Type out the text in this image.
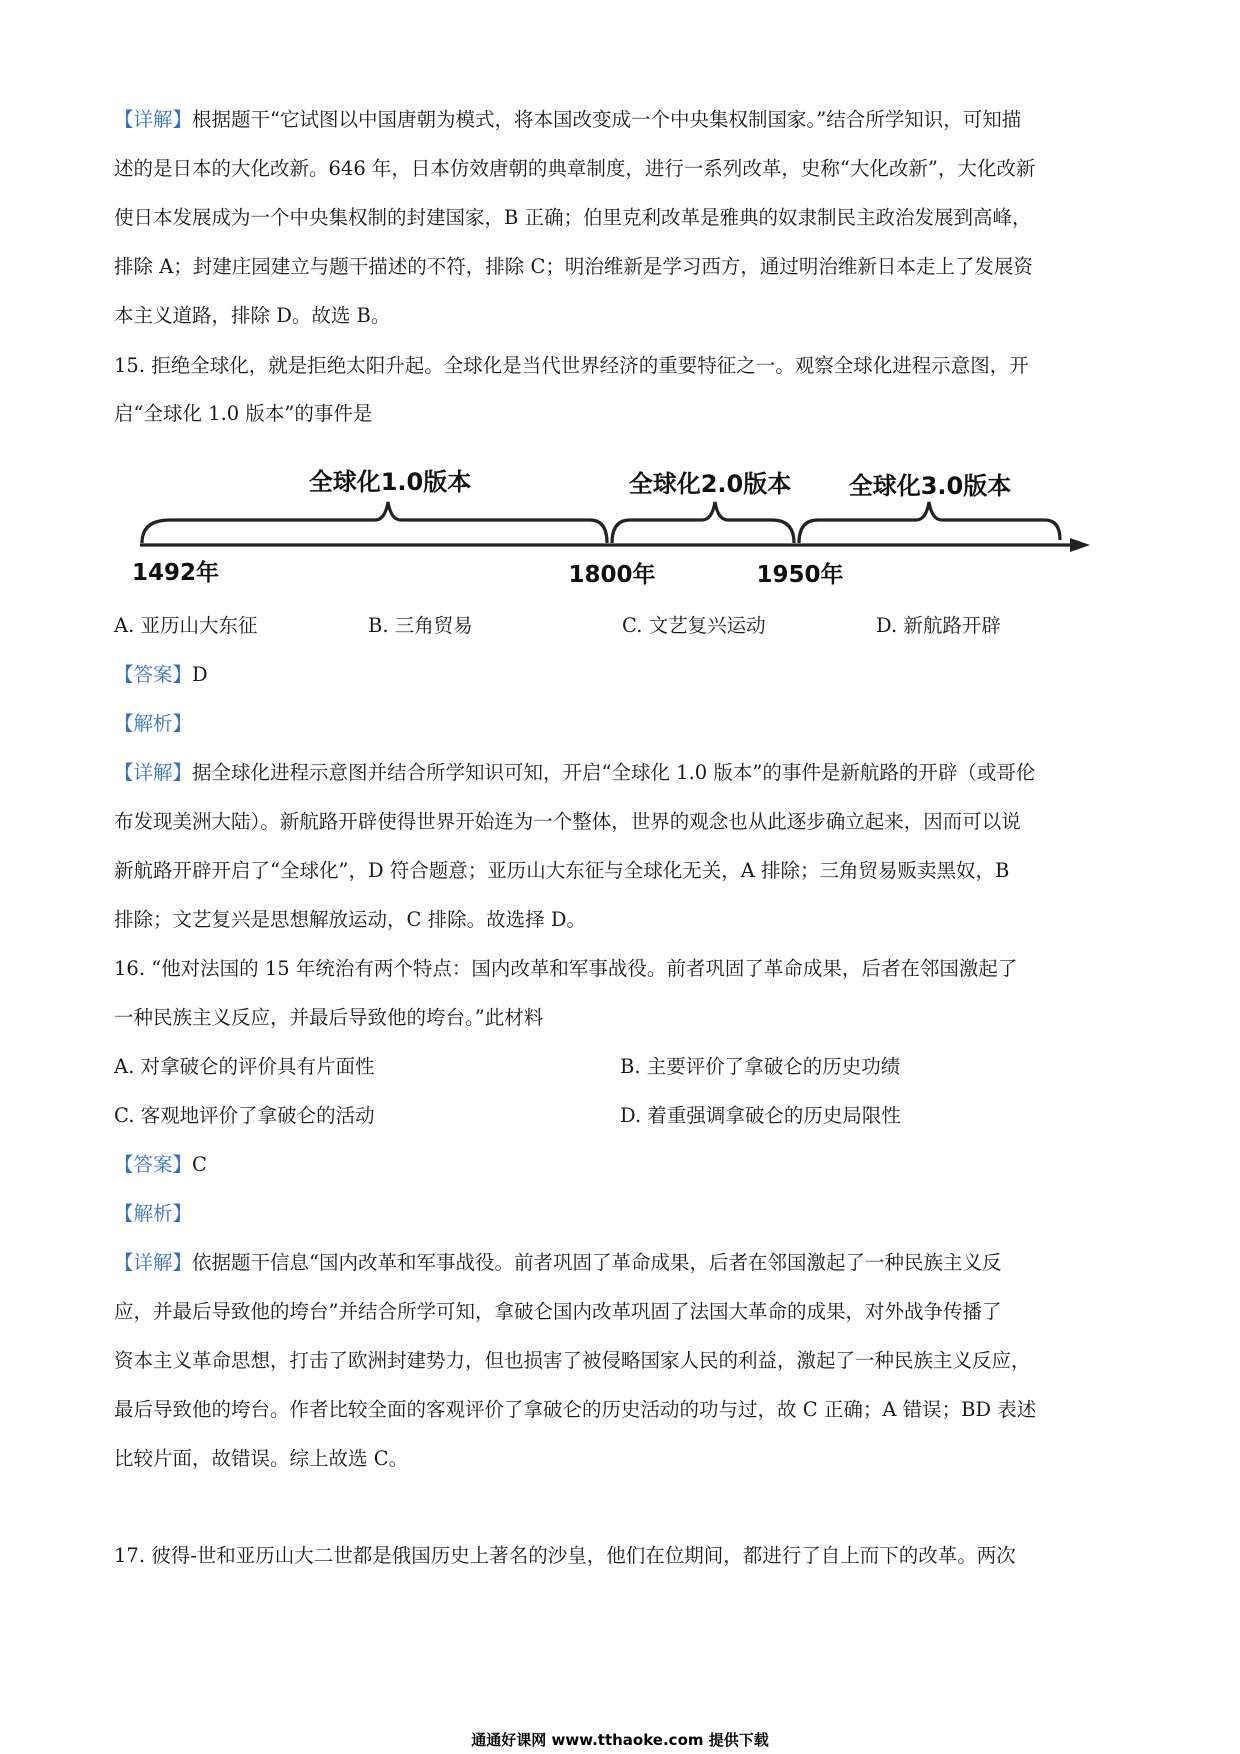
【详解】根据题干“它试图以中国唐朝为模式，将本国改变成一个中央集权制国家。”结合所学知识，可知描
述的是日本的大化改新。646 年，日本仿效唐朝的典章制度，进行一系列改革，史称“大化改新”，大化改新
使日本发展成为一个中央集权制的封建国家，B 正确；伯里克利改革是雅典的奴隶制民主政治发展到高峰，
排除 A；封建庄园建立与题干描述的不符，排除 C；明治维新是学习西方，通过明治维新日本走上了发展资
本主义道路，排除 D。故选 B。
15. 拒绝全球化，就是拒绝太阳升起。全球化是当代世界经济的重要特征之一。观察全球化进程示意图，开
启“全球化 1.0 版本”的事件是
全球化1.0版本	全球化2.0版本 全球化3.0版本
1492年	1800年	1950年
A. 亚历山大东征	B. 三角贸易	C. 文艺复兴运动	D. 新航路开辟
【答案】D
【解析】
【详解】据全球化进程示意图并结合所学知识可知，开启“全球化 1.0 版本”的事件是新航路的开辟（或哥伦
布发现美洲大陆）。新航路开辟使得世界开始连为一个整体，世界的观念也从此逐步确立起来，因而可以说
新航路开辟开启了“全球化”，D 符合题意；亚历山大东征与全球化无关，A 排除；三角贸易贩卖黑奴，B
排除；文艺复兴是思想解放运动，C 排除。故选择 D。
16. “他对法国的 15 年统治有两个特点：国内改革和军事战役。前者巩固了革命成果，后者在邻国激起了
一种民族主义反应，并最后导致他的垮台。”此材料
A. 对拿破仑的评价具有片面性	B. 主要评价了拿破仑的历史功绩
C. 客观地评价了拿破仑的活动	D. 着重强调拿破仑的历史局限性
【答案】C
【解析】
【详解】依据题干信息“国内改革和军事战役。前者巩固了革命成果，后者在邻国激起了一种民族主义反
应，并最后导致他的垮台”并结合所学可知，拿破仑国内改革巩固了法国大革命的成果，对外战争传播了
资本主义革命思想，打击了欧洲封建势力，但也损害了被侵略国家人民的利益，激起了一种民族主义反应，
最后导致他的垮台。作者比较全面的客观评价了拿破仑的历史活动的功与过，故 C 正确；A 错误；BD 表述
比较片面，故错误。综上故选 C。
17. 彼得-世和亚历山大二世都是俄国历史上著名的沙皇，他们在位期间，都进行了自上而下的改革。两次
通通好课网 www.tthaoke.com 提供下载
